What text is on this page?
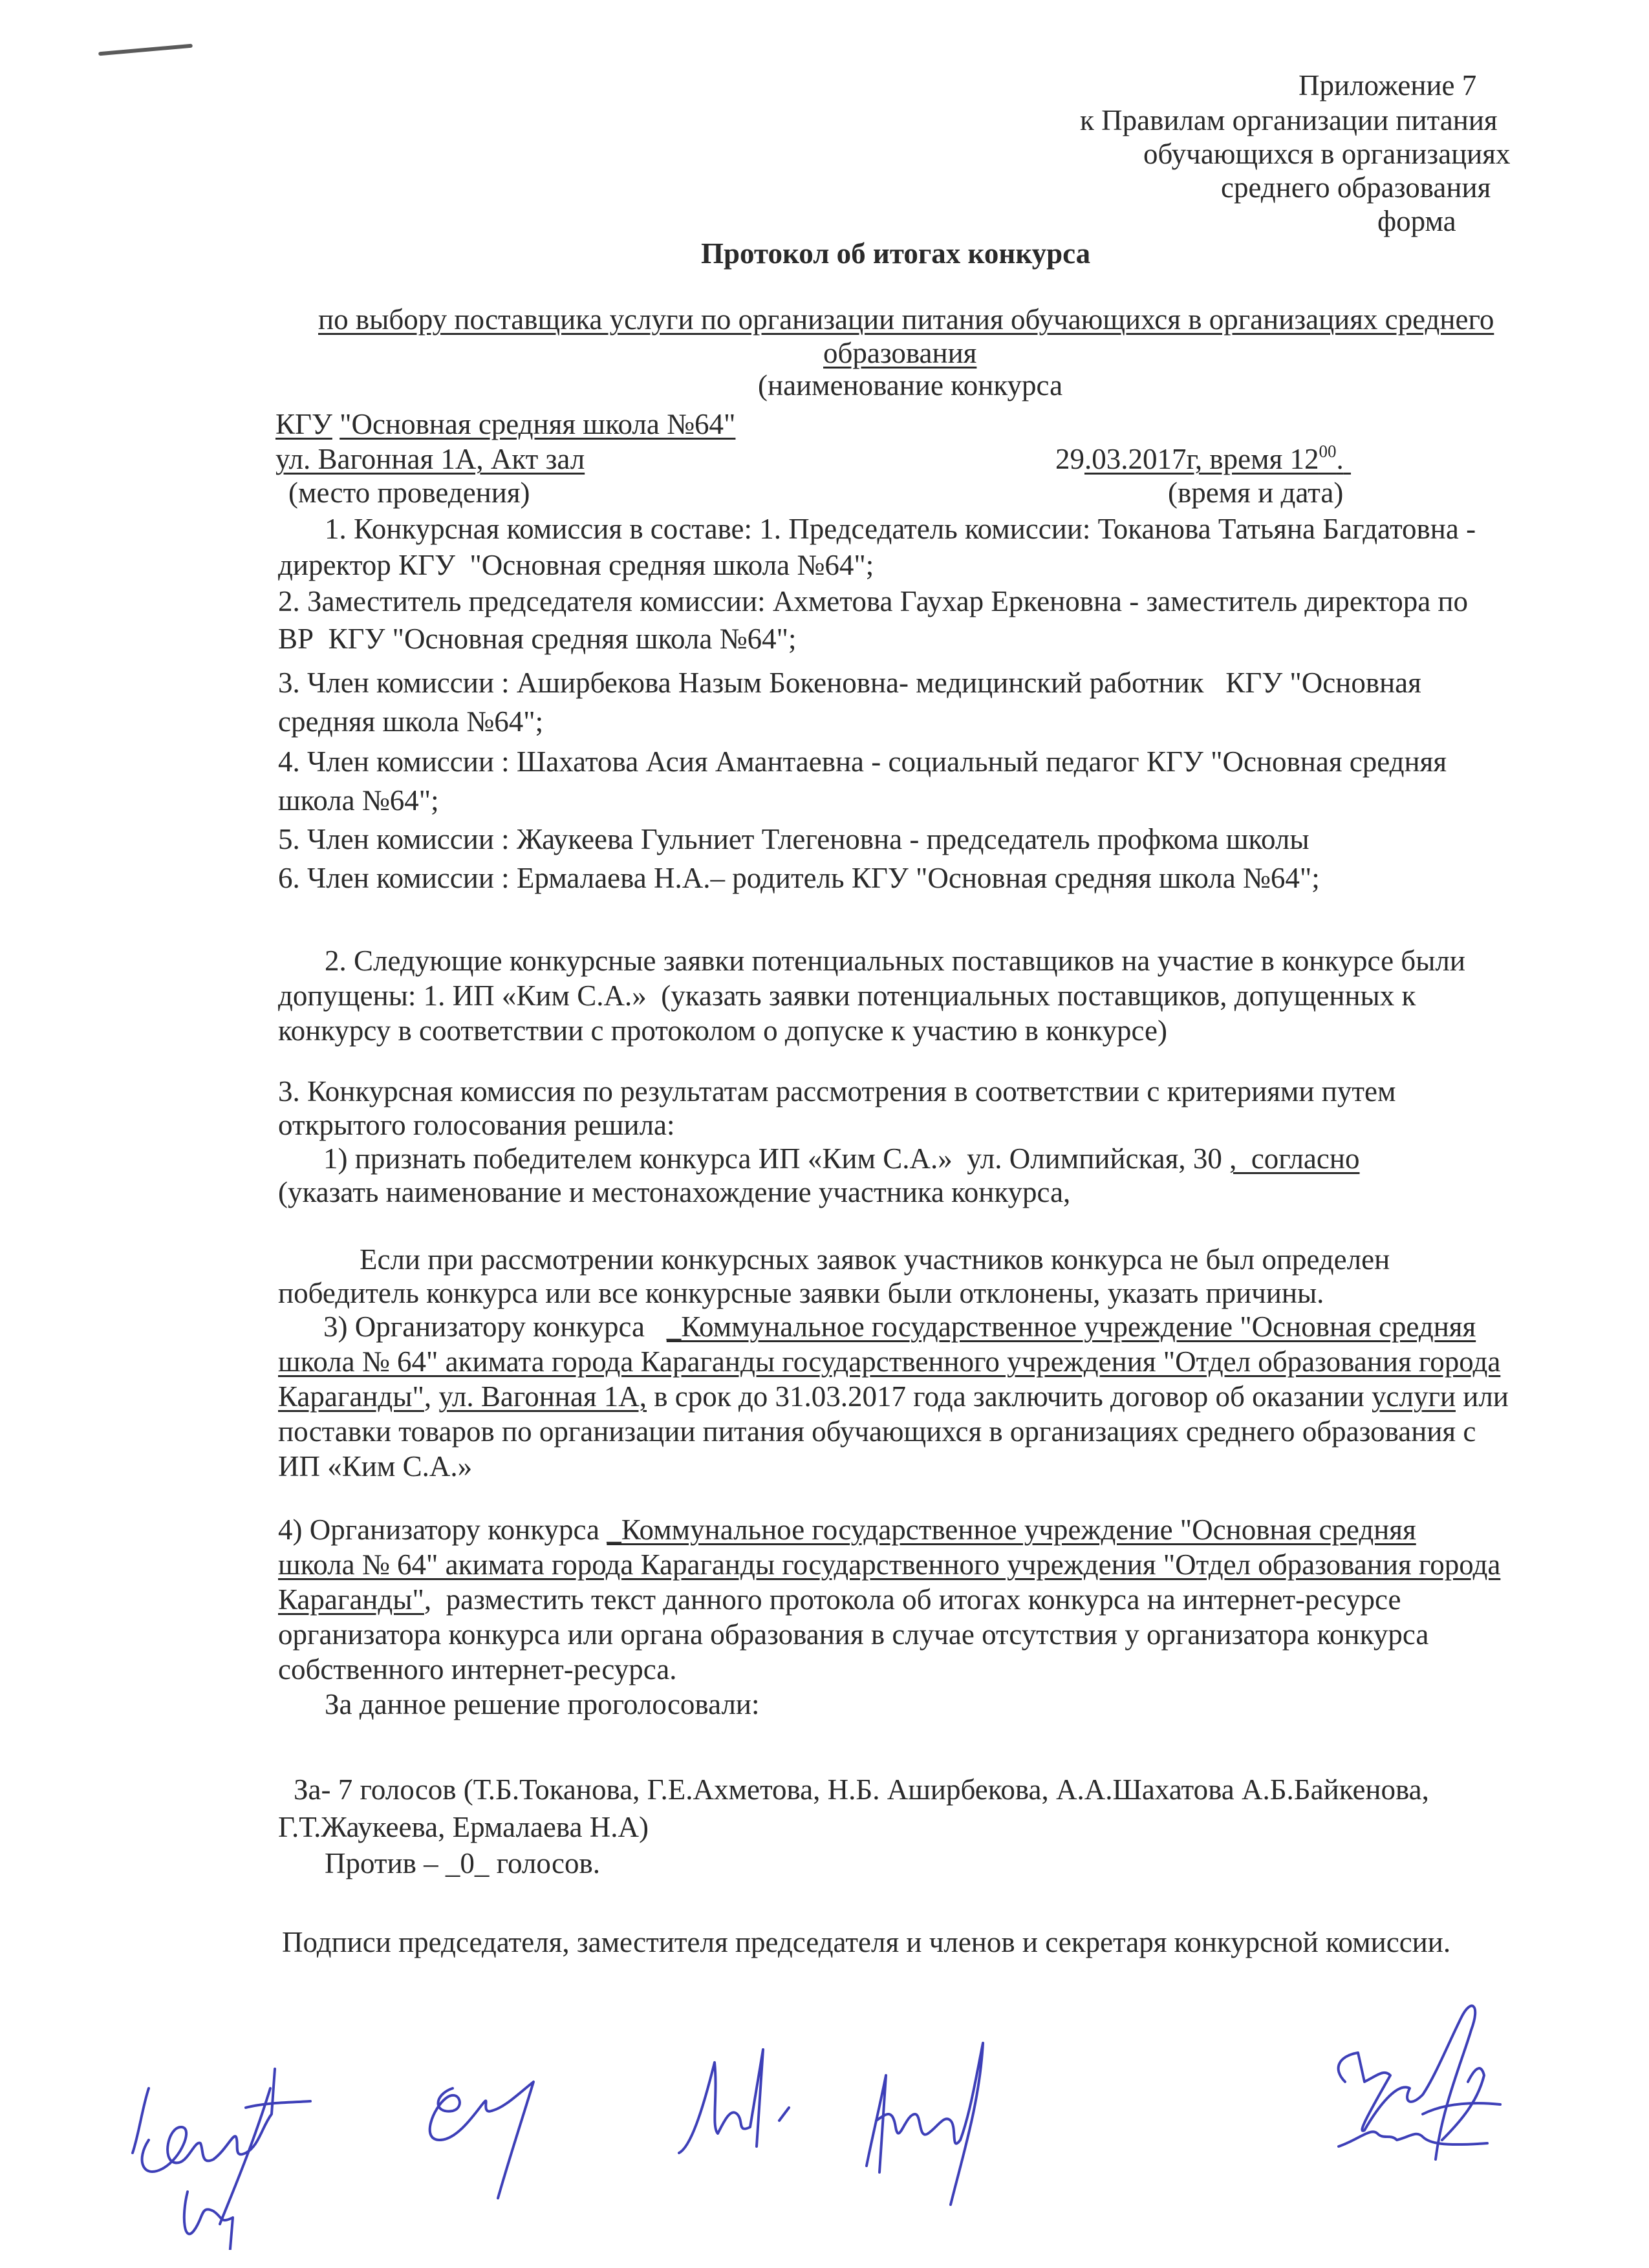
Приложение 7
к Правилам организации питания
обучающихся в организациях
среднего образования
форма
Протокол об итогах конкурса
по выбору поставщика услуги по организации питания обучающихся в организациях среднего
образования
(наименование конкурса
КГУ "Основная средняя школа №64"
ул. Вагонная 1А, Акт зал
(место проведения)
29.03.2017г, время $12^{00}$.
(время и дата)
1. Конкурсная комиссия в составе: 1. Председатель комиссии: Токанова Татьяна Багдатовна -
директор КГУ  "Основная средняя школа №64";
2. Заместитель председателя комиссии: Ахметова Гаухар Еркеновна - заместитель директора по
ВР  КГУ "Основная средняя школа №64";
3. Член комиссии : Аширбекова Назым Бокеновна- медицинский работник   КГУ "Основная
средняя школа №64";
4. Член комиссии : Шахатова Асия Амантаевна - социальный педагог КГУ "Основная средняя
школа №64";
5. Член комиссии : Жаукеева Гульниет Тлегеновна - председатель профкома школы
6. Член комиссии : Ермалаева Н.А.– родитель КГУ "Основная средняя школа №64";
2. Следующие конкурсные заявки потенциальных поставщиков на участие в конкурсе были
допущены: 1. ИП «Ким С.А.»  (указать заявки потенциальных поставщиков, допущенных к
конкурсу в соответствии с протоколом о допуске к участию в конкурсе)
3. Конкурсная комиссия по результатам рассмотрения в соответствии с критериями путем
открытого голосования решила:
1) признать победителем конкурса ИП «Ким С.А.»  ул. Олимпийская, 30 ,  согласно
(указать наименование и местонахождение участника конкурса,
Если при рассмотрении конкурсных заявок участников конкурса не был определен
победитель конкурса или все конкурсные заявки были отклонены, указать причины.
3) Организатору конкурса   _Коммунальное государственное учреждение "Основная средняя
школа № 64" акимата города Караганды государственного учреждения "Отдел образования города
Караганды", ул. Вагонная 1А, в срок до 31.03.2017 года заключить договор об оказании услуги или
поставки товаров по организации питания обучающихся в организациях среднего образования с
ИП «Ким С.А.»
4) Организатору конкурса _Коммунальное государственное учреждение "Основная средняя
школа № 64" акимата города Караганды государственного учреждения "Отдел образования города
Караганды",  разместить текст данного протокола об итогах конкурса на интернет-ресурсе
организатора конкурса или органа образования в случае отсутствия у организатора конкурса
собственного интернет-ресурса.
За данное решение проголосовали:
За- 7 голосов (Т.Б.Токанова, Г.Е.Ахметова, Н.Б. Аширбекова, А.А.Шахатова А.Б.Байкенова,
Г.Т.Жаукеева, Ермалаева Н.А)
Против – _0_ голосов.
Подписи председателя, заместителя председателя и членов и секретаря конкурсной комиссии.
